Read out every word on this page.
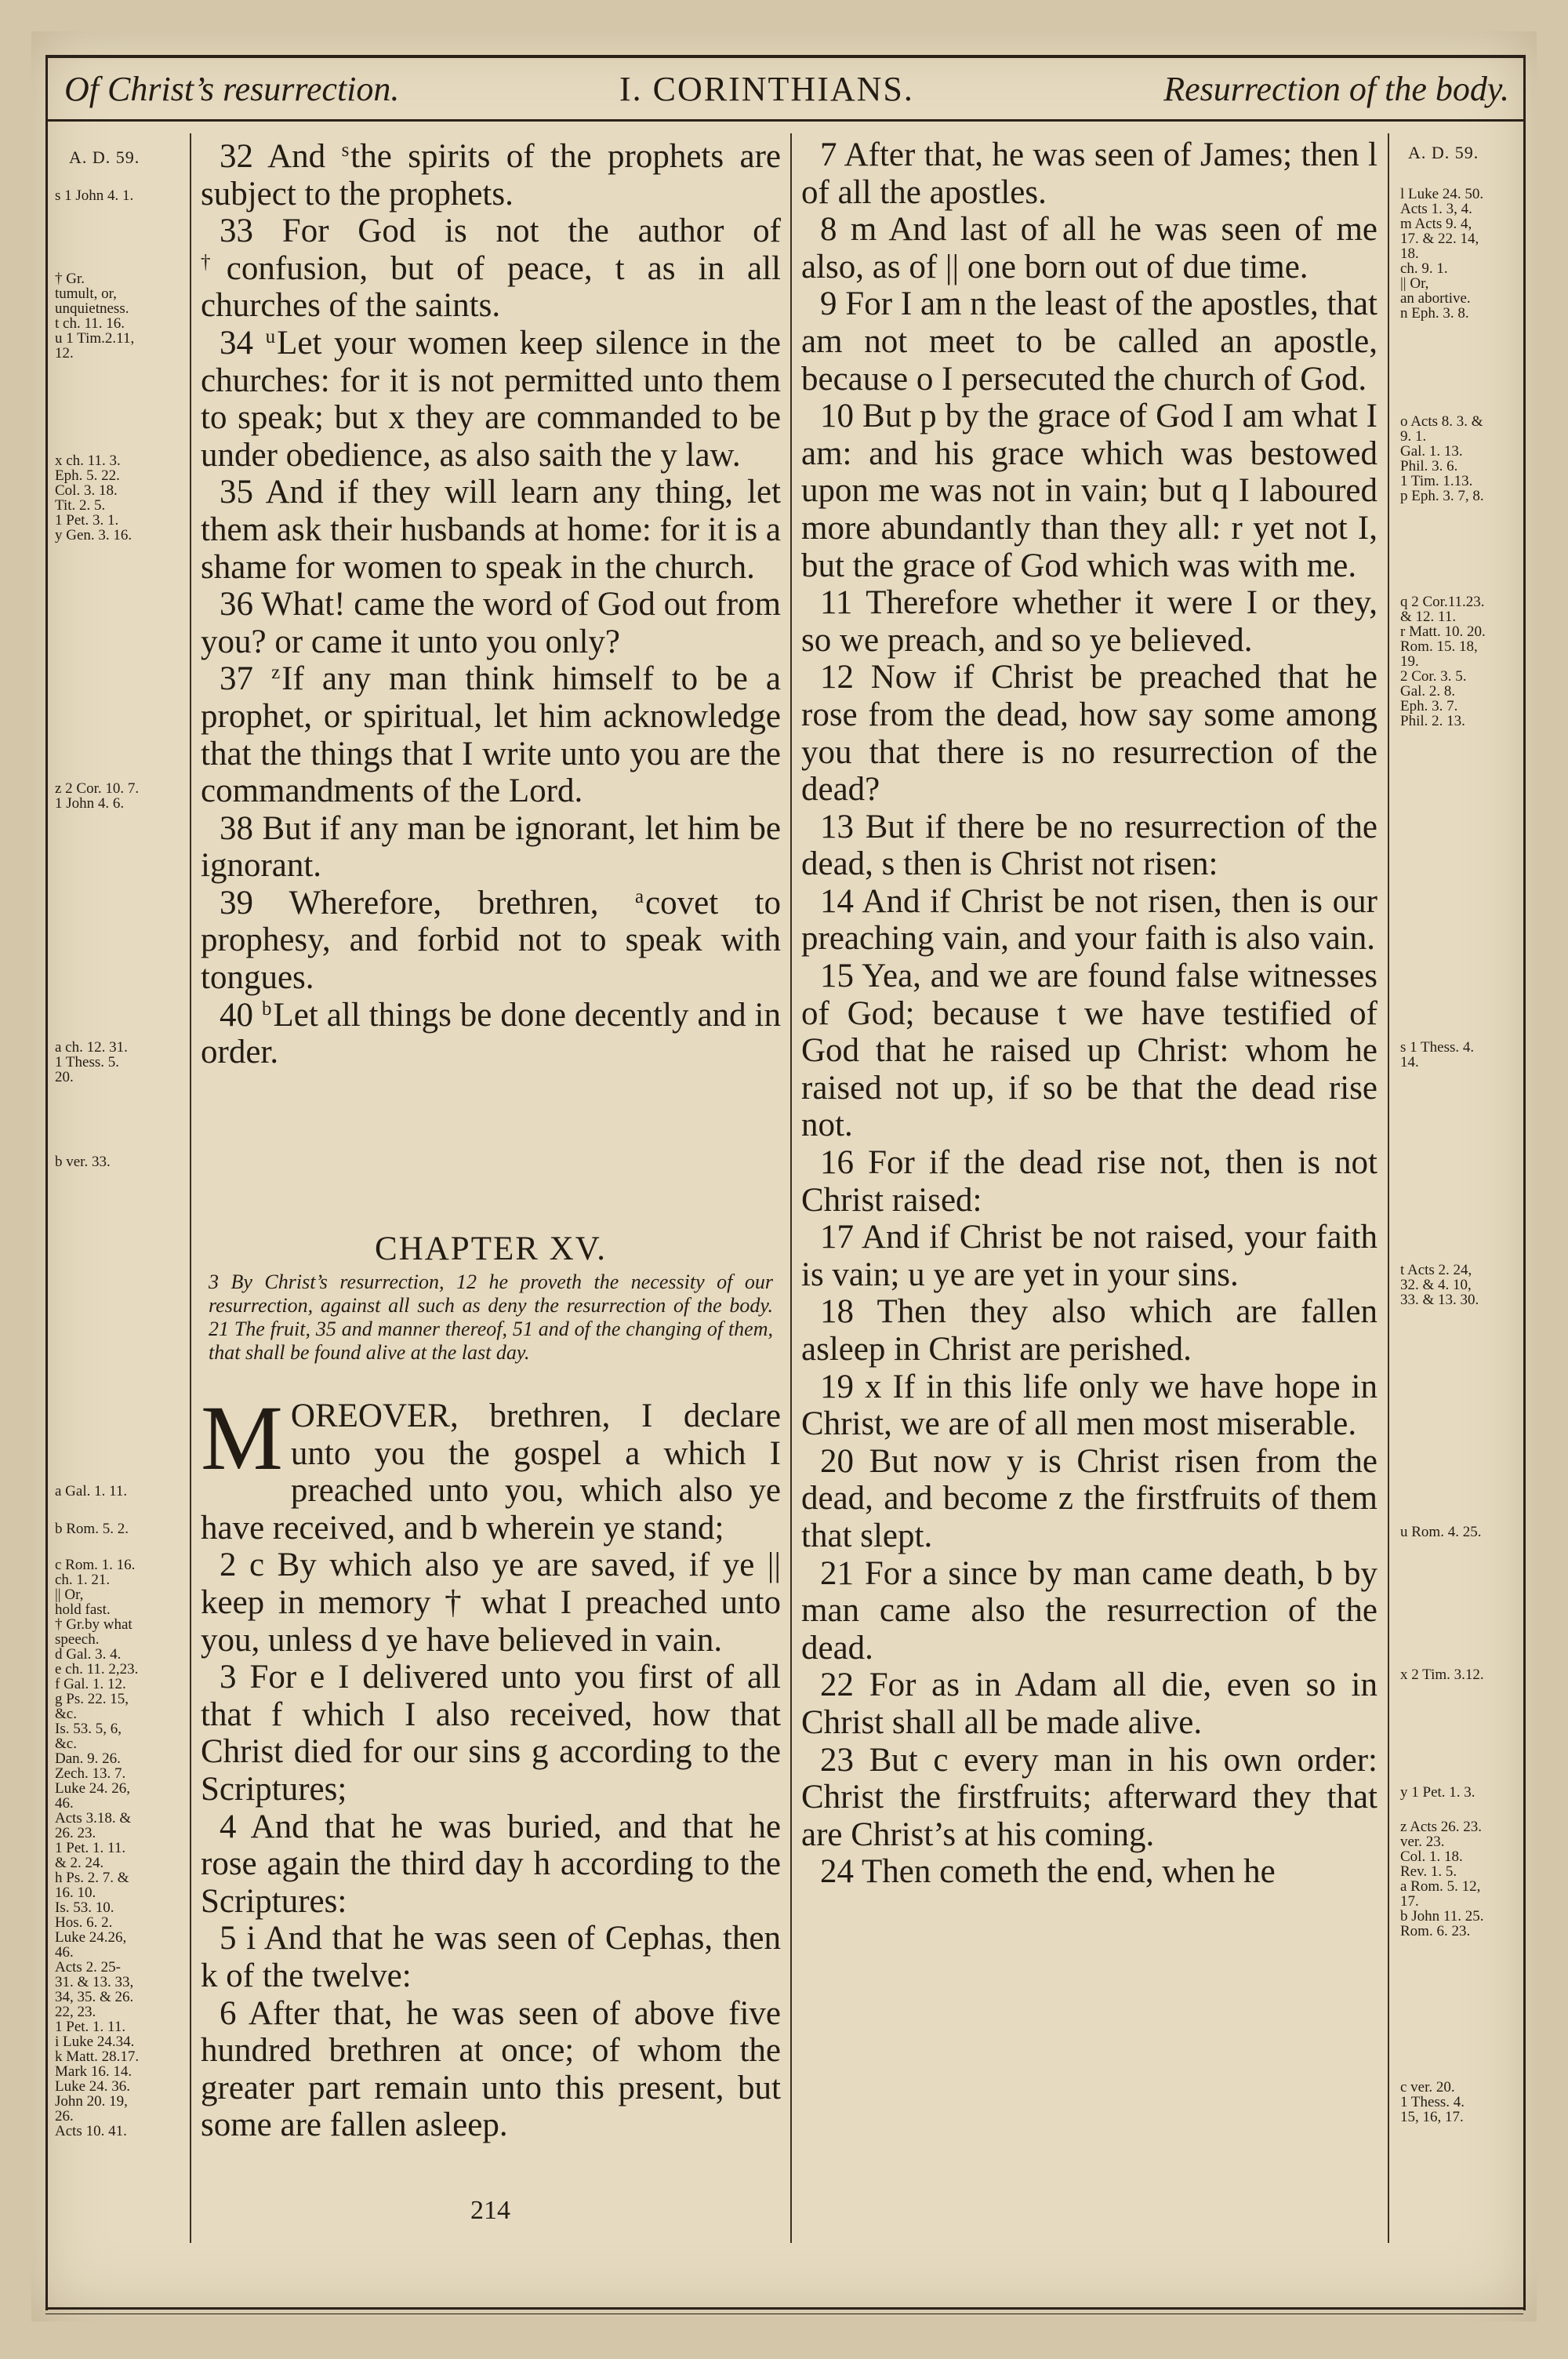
Of Christ’s resurrection.	I. CORINTHIANS.	Resurrection of the body.
A. D. 59.
s 1 John 4. 1.
† Gr.
tumult, or,
unquietness.
t ch. 11. 16.
u 1 Tim.2.11,
12.
x ch. 11. 3.
Eph. 5. 22.
Col. 3. 18.
Tit. 2. 5.
1 Pet. 3. 1.
y Gen. 3. 16.
z 2 Cor. 10. 7.
1 John 4. 6.
a ch. 12. 31.
1 Thess. 5.
20.
b ver. 33.
a Gal. 1. 11.
b Rom. 5. 2.
c Rom. 1. 16.
ch. 1. 21.
|| Or,
hold fast.
† Gr.by what
speech.
d Gal. 3. 4.
e ch. 11. 2,23.
f Gal. 1. 12.
g Ps. 22. 15,
&c.
Is. 53. 5, 6,
&c.
Dan. 9. 26.
Zech. 13. 7.
Luke 24. 26,
46.
Acts 3.18. &
26. 23.
1 Pet. 1. 11.
& 2. 24.
h Ps. 2. 7. &
16. 10.
Is. 53. 10.
Hos. 6. 2.
Luke 24.26,
46.
Acts 2. 25-
31. & 13. 33,
34, 35. & 26.
22, 23.
1 Pet. 1. 11.
i Luke 24.34.
k Matt. 28.17.
Mark 16. 14.
Luke 24. 36.
John 20. 19,
26.
Acts 10. 41.
A. D. 59.
l Luke 24. 50.
Acts 1. 3, 4.
m Acts 9. 4,
17. & 22. 14,
18.
ch. 9. 1.
|| Or,
an abortive.
n Eph. 3. 8.
o Acts 8. 3. &
9. 1.
Gal. 1. 13.
Phil. 3. 6.
1 Tim. 1.13.
p Eph. 3. 7, 8.
q 2 Cor.11.23.
& 12. 11.
r Matt. 10. 20.
Rom. 15. 18,
19.
2 Cor. 3. 5.
Gal. 2. 8.
Eph. 3. 7.
Phil. 2. 13.
s 1 Thess. 4.
14.
t Acts 2. 24,
32. & 4. 10,
33. & 13. 30.
u Rom. 4. 25.
x 2 Tim. 3.12.
y 1 Pet. 1. 3.
z Acts 26. 23.
ver. 23.
Col. 1. 18.
Rev. 1. 5.
a Rom. 5. 12,
17.
b John 11. 25.
Rom. 6. 23.
c ver. 20.
1 Thess. 4.
15, 16, 17.

32 And $^s$the spirits of the prophets are subject to the prophets.

33 For God is not the author of †confusion, but of peace, t as in all churches of the saints.

34 $^u$Let your women keep silence in the churches: for it is not permitted unto them to speak; but x they are commanded to be under obedience, as also saith the y law.

35 And if they will learn any thing, let them ask their husbands at home: for it is a shame for women to speak in the church.

36 What! came the word of God out from you? or came it unto you only?

37 $^z$If any man think himself to be a prophet, or spiritual, let him acknowledge that the things that I write unto you are the commandments of the Lord.

38 But if any man be ignorant, let him be ignorant.

39 Wherefore, brethren, $^a$covet to prophesy, and forbid not to speak with tongues.

40 $^b$Let all things be done decently and in order.

CHAPTER XV.
3 By Christ’s resurrection, 12 he proveth the necessity of our resurrection, against all such as deny the resurrection of the body. 21 The fruit, 35 and manner thereof, 51 and of the changing of them, that shall be found alive at the last day.

MOREOVER, brethren, I declare unto you the gospel a which I preached unto you, which also ye have received, and b wherein ye stand;

2 c By which also ye are saved, if ye || keep in memory † what I preached unto you, unless d ye have believed in vain.

3 For e I delivered unto you first of all that f which I also received, how that Christ died for our sins g according to the Scriptures;

4 And that he was buried, and that he rose again the third day h according to the Scriptures:

5 i And that he was seen of Cephas, then k of the twelve:

6 After that, he was seen of above five hundred brethren at once; of whom the greater part remain unto this present, but some are fallen asleep.

7 After that, he was seen of James; then l of all the apostles.

8 m And last of all he was seen of me also, as of || one born out of due time.

9 For I am n the least of the apostles, that am not meet to be called an apostle, because o I persecuted the church of God.

10 But p by the grace of God I am what I am: and his grace which was bestowed upon me was not in vain; but q I laboured more abundantly than they all: r yet not I, but the grace of God which was with me.

11 Therefore whether it were I or they, so we preach, and so ye believed.

12 Now if Christ be preached that he rose from the dead, how say some among you that there is no resurrection of the dead?

13 But if there be no resurrection of the dead, s then is Christ not risen:

14 And if Christ be not risen, then is our preaching vain, and your faith is also vain.

15 Yea, and we are found false witnesses of God; because t we have testified of God that he raised up Christ: whom he raised not up, if so be that the dead rise not.

16 For if the dead rise not, then is not Christ raised:

17 And if Christ be not raised, your faith is vain; u ye are yet in your sins.

18 Then they also which are fallen asleep in Christ are perished.

19 x If in this life only we have hope in Christ, we are of all men most miserable.

20 But now y is Christ risen from the dead, and become z the firstfruits of them that slept.

21 For a since by man came death, b by man came also the resurrection of the dead.

22 For as in Adam all die, even so in Christ shall all be made alive.

23 But c every man in his own order: Christ the firstfruits; afterward they that are Christ’s at his coming.

24 Then cometh the end, when he

214
